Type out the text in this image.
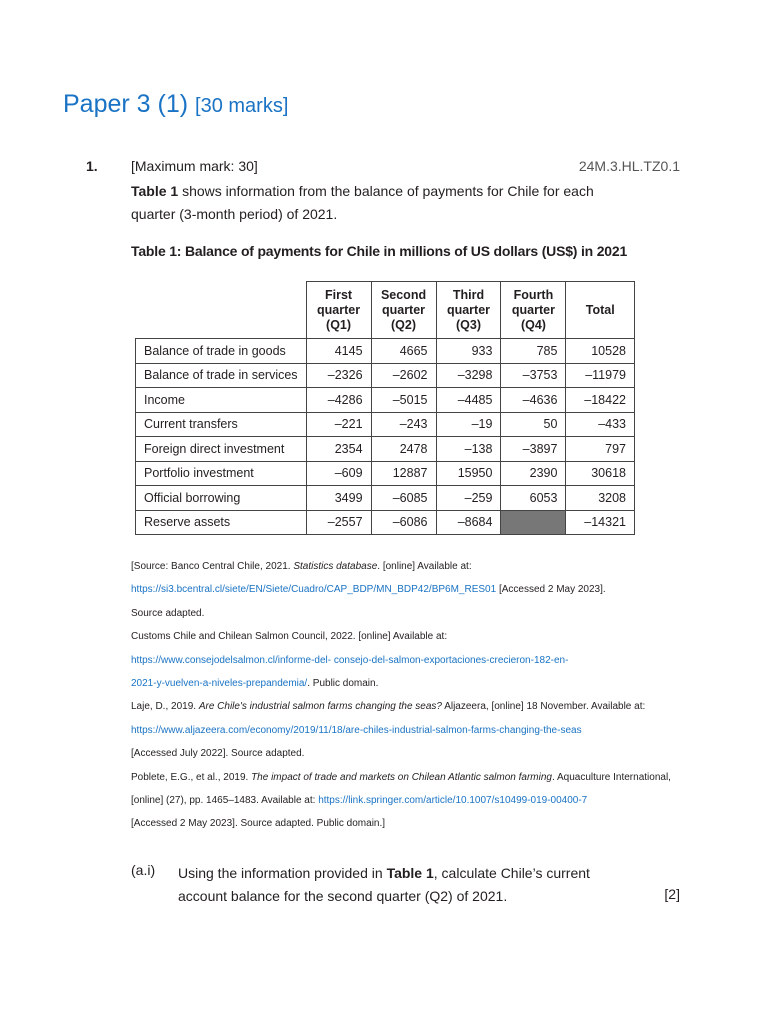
Paper 3 (1) [30 marks]
1. [Maximum mark: 30]	24M.3.HL.TZ0.1

Table 1 shows information from the balance of payments for Chile for each quarter (3-month period) of 2021.

Table 1: Balance of payments for Chile in millions of US dollars (US$) in 2021
	First
quarter
(Q1)	Second
quarter
(Q2)	Third
quarter
(Q3)	Fourth
quarter
(Q4)	Total
Balance of trade in goods	4145	4665	933	785	10528
Balance of trade in services	–2326	–2602	–3298	–3753	–11979
Income	–4286	–5015	–4485	–4636	–18422
Current transfers	–221	–243	–19	50	–433
Foreign direct investment	2354	2478	–138	–3897	797
Portfolio investment	–609	12887	15950	2390	30618
Official borrowing	3499	–6085	–259	6053	3208
Reserve assets	–2557	–6086	–8684		–14321
[Source: Banco Central Chile, 2021. Statistics database. [online] Available at:
https://si3.bcentral.cl/siete/EN/Siete/Cuadro/CAP_BDP/MN_BDP42/BP6M_RES01 [Accessed 2 May 2023].
Source adapted.
Customs Chile and Chilean Salmon Council, 2022. [online] Available at:
https://www.consejodelsalmon.cl/informe-del- consejo-del-salmon-exportaciones-crecieron-182-en-
2021-y-vuelven-a-niveles-prepandemia/. Public domain.
Laje, D., 2019. Are Chile's industrial salmon farms changing the seas? Aljazeera, [online] 18 November. Available at:
https://www.aljazeera.com/economy/2019/11/18/are-chiles-industrial-salmon-farms-changing-the-seas
[Accessed July 2022]. Source adapted.
Poblete, E.G., et al., 2019. The impact of trade and markets on Chilean Atlantic salmon farming. Aquaculture International,
[online] (27), pp. 1465–1483. Available at: https://link.springer.com/article/10.1007/s10499-019-00400-7
[Accessed 2 May 2023]. Source adapted. Public domain.]
(a.i) Using the information provided in Table 1, calculate Chile’s current account balance for the second quarter (Q2) of 2021.	[2]
